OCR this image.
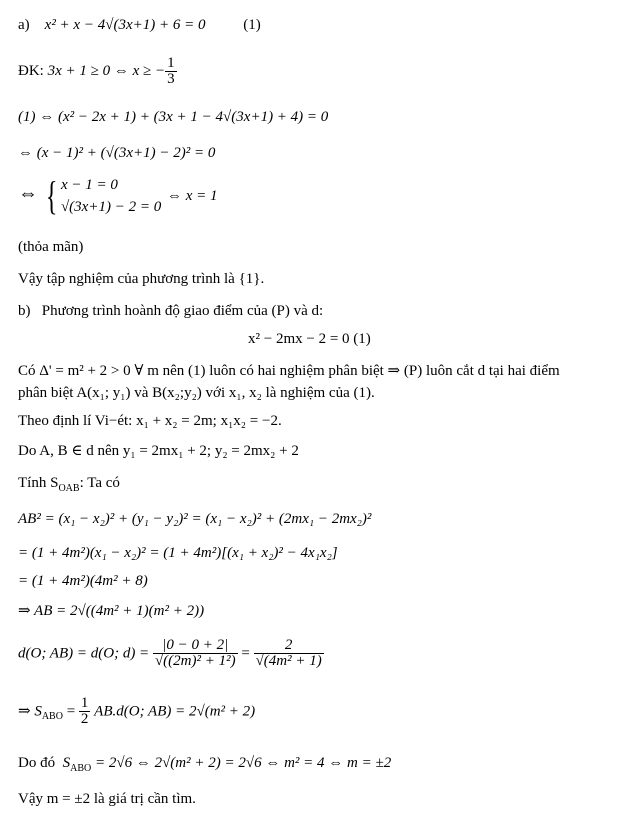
a) x² + x − 4√(3x+1) + 6 = 0	(1)
ĐK: 3x + 1 ≥ 0 ⇔ x ≥ − $\frac{1}{3}$
(1) ⇔ (x² − 2x + 1) + (3x + 1 − 4√(3x+1) + 4) = 0
⇔ (x − 1)² + (√(3x+1) − 2)² = 0
⇔ { x − 1 = 0
√(3x+1) − 2 = 0
⇔ x = 1
(thỏa mãn)
Vậy tập nghiệm của phương trình là {1}.
b) Phương trình hoành độ giao điểm của (P) và d:
x² − 2mx − 2 = 0 (1)
Có Δ' = m² + 2 > 0 ∀ m nên (1) luôn có hai nghiệm phân biệt ⇒ (P) luôn cắt d tại hai điểm
phân biệt A(x₁; y₁) và B(x₂;y₂) với x₁, x₂ là nghiệm của (1).
Theo định lí Vi−ét: x₁ + x₂ = 2m; x₁x₂ = −2.
Do A, B ∈ d nên y₁ = 2mx₁ + 2; y₂ = 2mx₂ + 2
Tính $S_{OAB}$: Ta có
AB² = (x₁ − x₂)² + (y₁ − y₂)² = (x₁ − x₂)² + (2mx₁ − 2mx₂)²
= (1 + 4m²)(x₁ − x₂)² = (1 + 4m²)[(x₁ + x₂)² − 4x₁x₂]
= (1 + 4m²)(4m² + 8)
⇒ AB = 2√((4m² + 1)(m² + 2))
d(O; AB) = d(O; $d) = \frac{|0 - 0 + 2|}{\text{√((2m)² + 1²)}} = \frac{2}{\text{√(4m² + 1)}}$
⇒ $S_{ABO} = \frac{1}{2} AB.d(O$; AB) = 2√(m² + 2)
Do đó $S_{ABO} = 2√6$ ⇔ 2√(m² + 2) = 2√6 ⇔ m² = 4 ⇔ m = ±2
Vậy m = ±2 là giá trị cần tìm.
